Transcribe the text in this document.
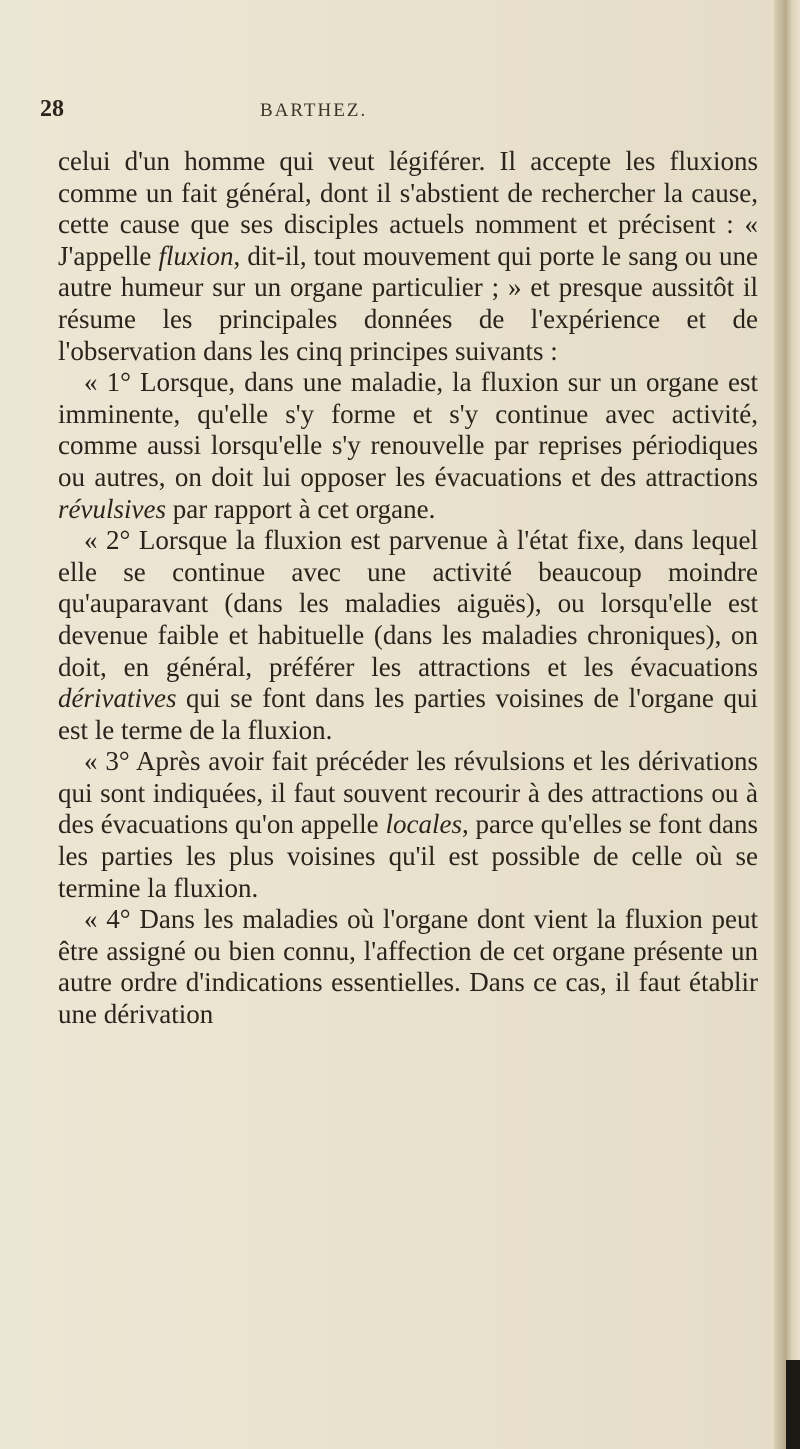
28	BARTHEZ.

celui d'un homme qui veut légiférer. Il accepte les fluxions comme un fait général, dont il s'abstient de rechercher la cause, cette cause que ses disciples actuels nomment et précisent : « J'appelle fluxion, dit-il, tout mouvement qui porte le sang ou une autre humeur sur un organe particulier ; » et presque aussitôt il résume les principales données de l'expérience et de l'observation dans les cinq principes suivants :

« 1° Lorsque, dans une maladie, la fluxion sur un organe est imminente, qu'elle s'y forme et s'y continue avec activité, comme aussi lorsqu'elle s'y renouvelle par reprises périodiques ou autres, on doit lui opposer les évacuations et des attractions révulsives par rapport à cet organe.

« 2° Lorsque la fluxion est parvenue à l'état fixe, dans lequel elle se continue avec une activité beaucoup moindre qu'auparavant (dans les maladies aiguës), ou lorsqu'elle est devenue faible et habituelle (dans les maladies chroniques), on doit, en général, préférer les attractions et les évacuations dérivatives qui se font dans les parties voisines de l'organe qui est le terme de la fluxion.

« 3° Après avoir fait précéder les révulsions et les dérivations qui sont indiquées, il faut souvent recourir à des attractions ou à des évacuations qu'on appelle locales, parce qu'elles se font dans les parties les plus voisines qu'il est possible de celle où se termine la fluxion.

« 4° Dans les maladies où l'organe dont vient la fluxion peut être assigné ou bien connu, l'affection de cet organe présente un autre ordre d'indications essentielles. Dans ce cas, il faut établir une dérivation
